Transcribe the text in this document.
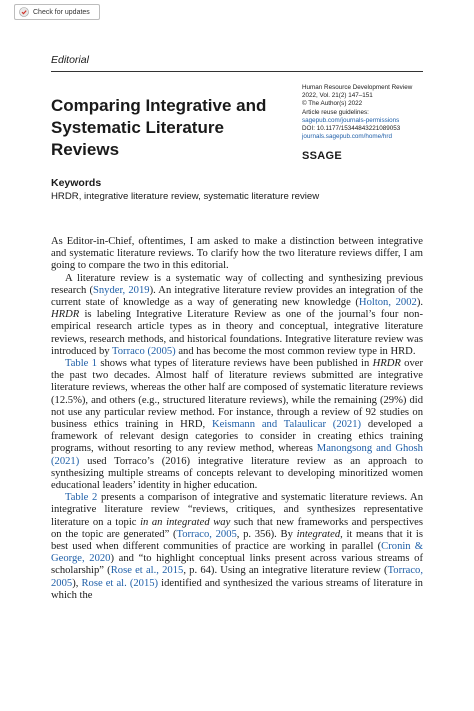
Check for updates
Editorial
Comparing Integrative and Systematic Literature Reviews
Human Resource Development Review
2022, Vol. 21(2) 147–151
© The Author(s) 2022
Article reuse guidelines:
sagepub.com/journals-permissions
DOI: 10.1177/15344843221089053
journals.sagepub.com/home/hrd
SSAGE
Keywords
HRDR, integrative literature review, systematic literature review

As Editor-in-Chief, oftentimes, I am asked to make a distinction between integrative and systematic literature reviews. To clarify how the two literature reviews differ, I am going to compare the two in this editorial.

A literature review is a systematic way of collecting and synthesizing previous research (Snyder, 2019). An integrative literature review provides an integration of the current state of knowledge as a way of generating new knowledge (Holton, 2002). HRDR is labeling Integrative Literature Review as one of the journal’s four non-empirical research article types as in theory and conceptual, integrative literature reviews, research methods, and historical foundations. Integrative literature review was introduced by Torraco (2005) and has become the most common review type in HRD.

Table 1 shows what types of literature reviews have been published in HRDR over the past two decades. Almost half of literature reviews submitted are integrative literature reviews, whereas the other half are composed of systematic literature reviews (12.5%), and others (e.g., structured literature reviews), while the remaining (29%) did not use any particular review method. For instance, through a review of 92 studies on business ethics training in HRD, Keismann and Talaulicar (2021) developed a framework of relevant design categories to consider in creating ethics training programs, without resorting to any review method, whereas Manongsong and Ghosh (2021) used Torraco’s (2016) integrative literature review as an approach to synthesizing multiple streams of concepts relevant to developing minoritized women educational leaders’ identity in higher education.

Table 2 presents a comparison of integrative and systematic literature reviews. An integrative literature review “reviews, critiques, and synthesizes representative literature on a topic in an integrated way such that new frameworks and perspectives on the topic are generated” (Torraco, 2005, p. 356). By integrated, it means that it is best used when different communities of practice are working in parallel (Cronin & George, 2020) and “to highlight conceptual links present across various streams of scholarship” (Rose et al., 2015, p. 64). Using an integrative literature review (Torraco, 2005), Rose et al. (2015) identified and synthesized the various streams of literature in which the
